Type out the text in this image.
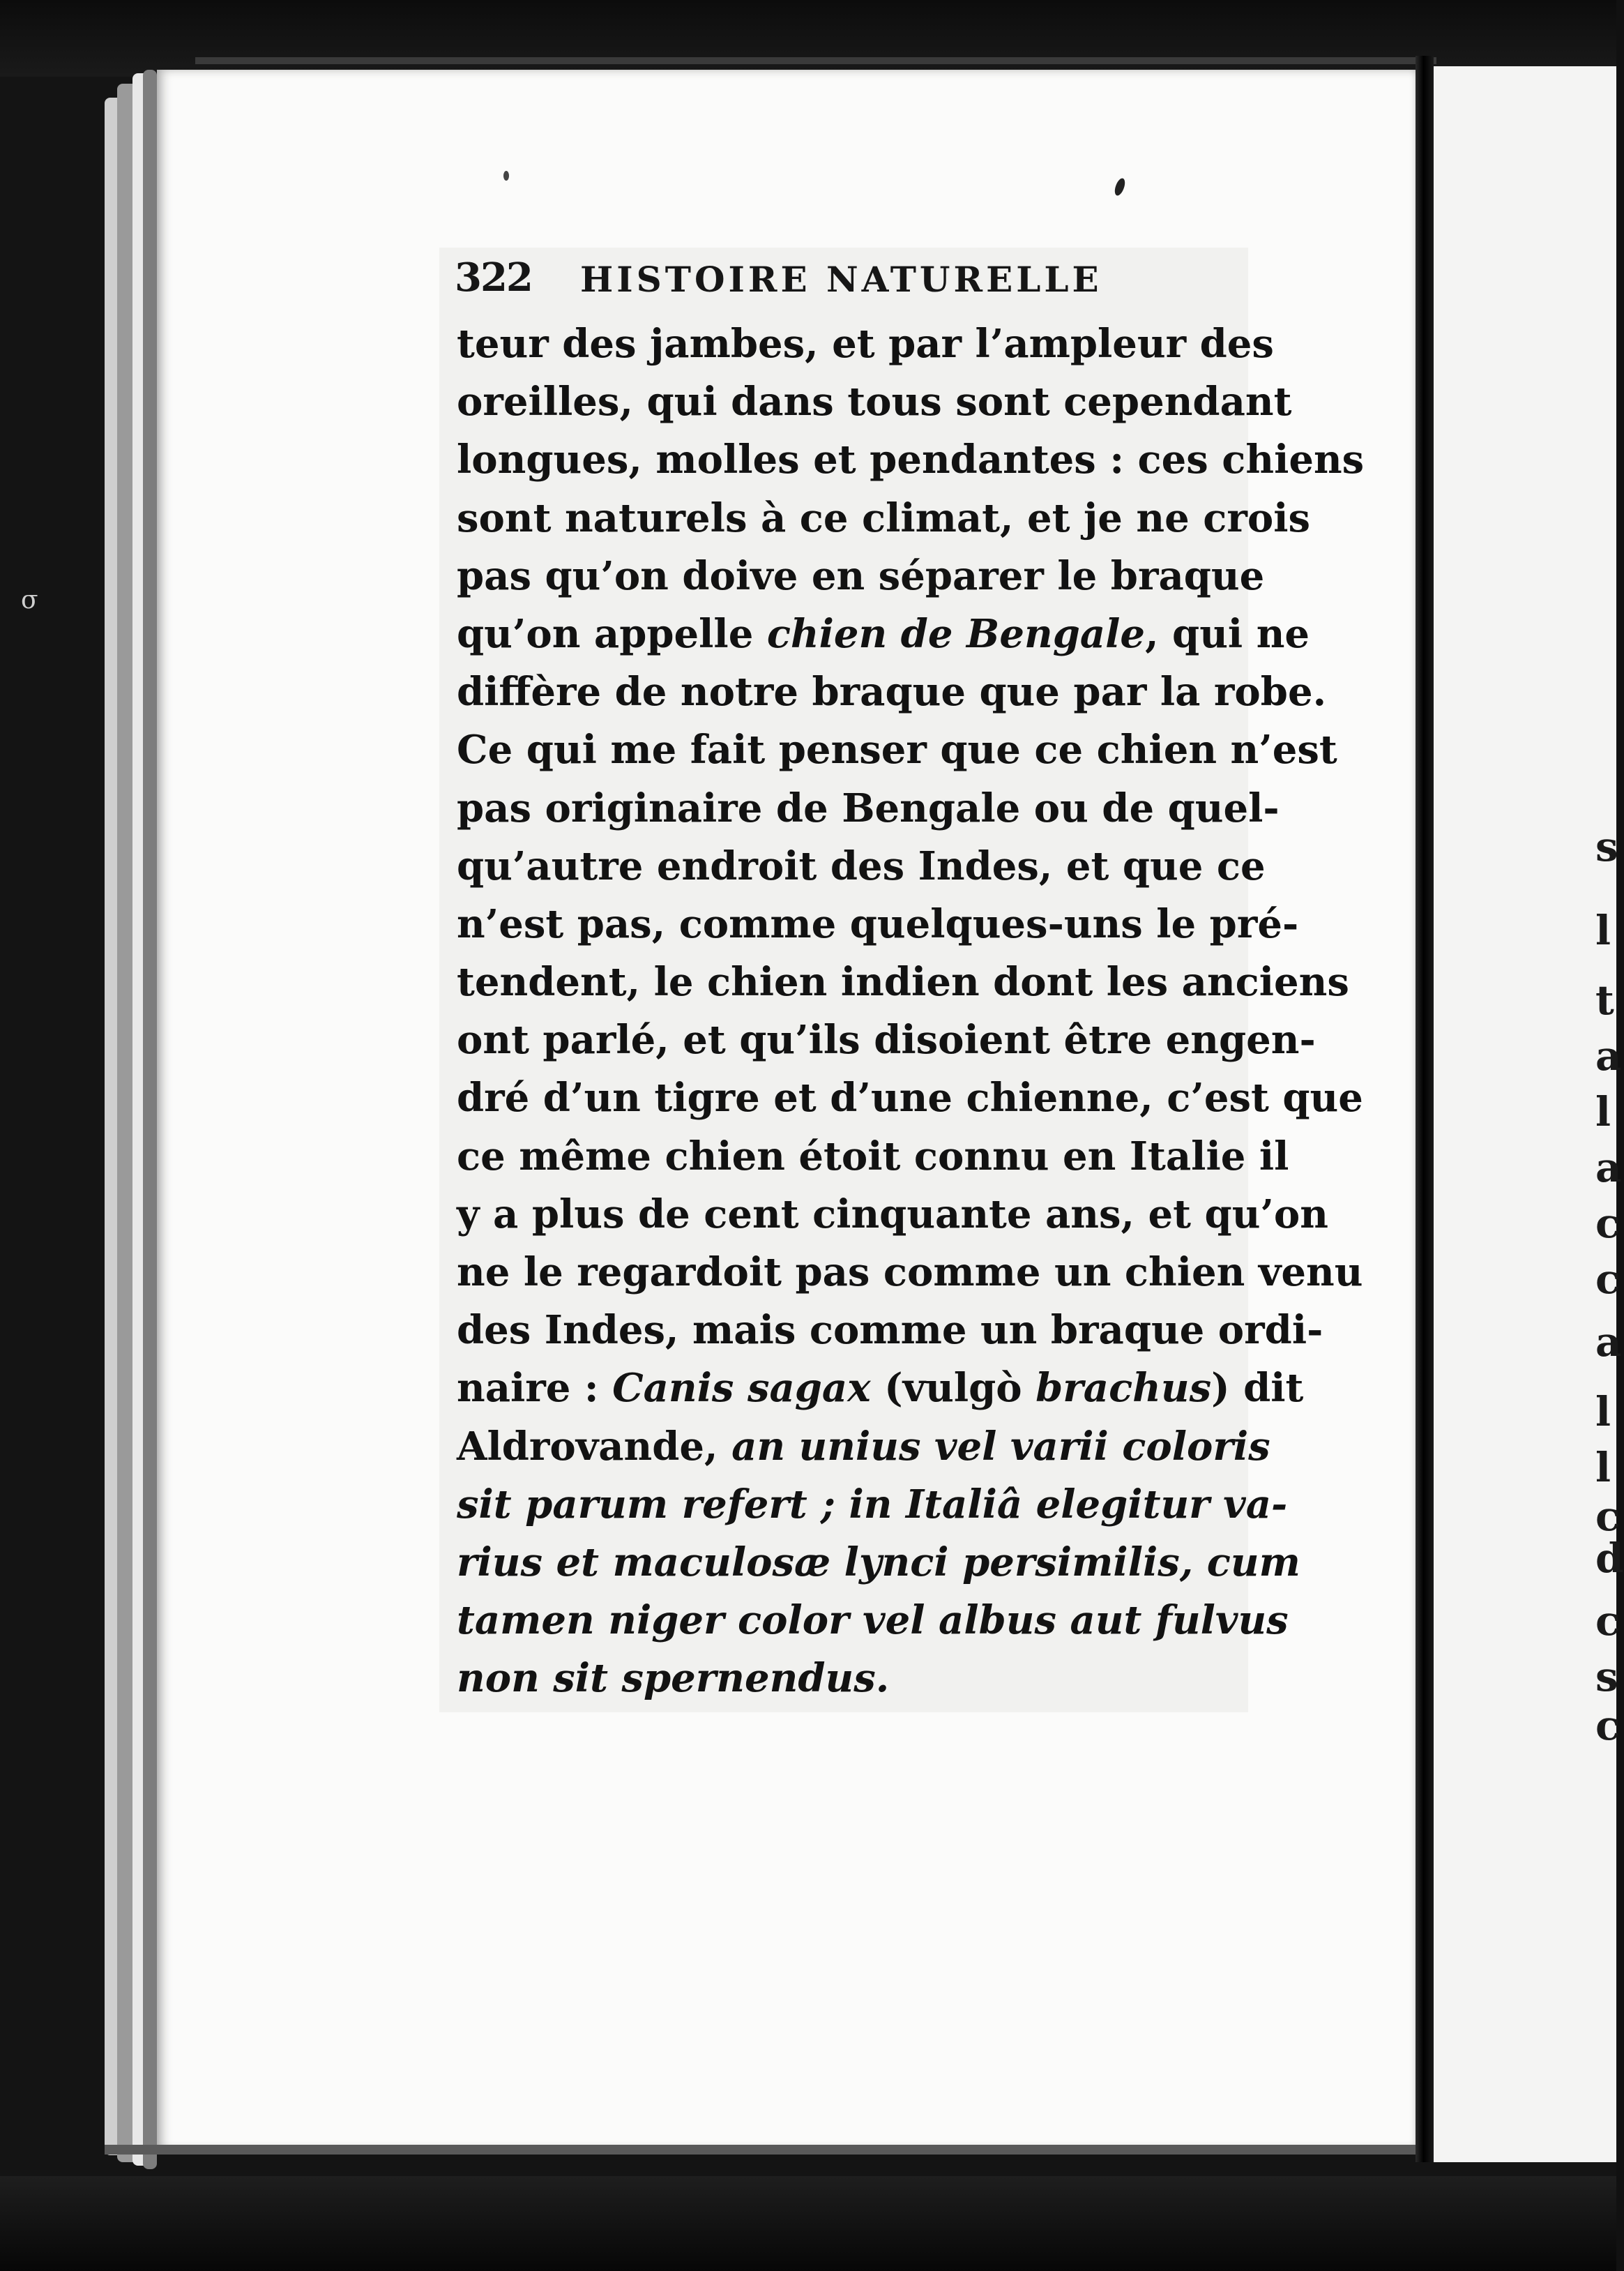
σ
s
l
t
a
l
a
c
c
a
l
l
c
d
c
s
c
322 HISTOIRE NATURELLE
teur des jambes, et par l’ampleur des
oreilles, qui dans tous sont cependant
longues, molles et pendantes : ces chiens
sont naturels à ce climat, et je ne crois
pas qu’on doive en séparer le braque
qu’on appelle chien de Bengale, qui ne
diffère de notre braque que par la robe.
Ce qui me fait penser que ce chien n’est
pas originaire de Bengale ou de quel-
qu’autre endroit des Indes, et que ce
n’est pas, comme quelques-uns le pré-
tendent, le chien indien dont les anciens
ont parlé, et qu’ils disoient être engen-
dré d’un tigre et d’une chienne, c’est que
ce même chien étoit connu en Italie il
y a plus de cent cinquante ans, et qu’on
ne le regardoit pas comme un chien venu
des Indes, mais comme un braque ordi-
naire : Canis sagax (vulgò brachus) dit
Aldrovande, an unius vel varii coloris
sit parum refert ; in Italiâ elegitur va-
rius et maculosæ lynci persimilis, cum
tamen niger color vel albus aut fulvus
non sit spernendus.
